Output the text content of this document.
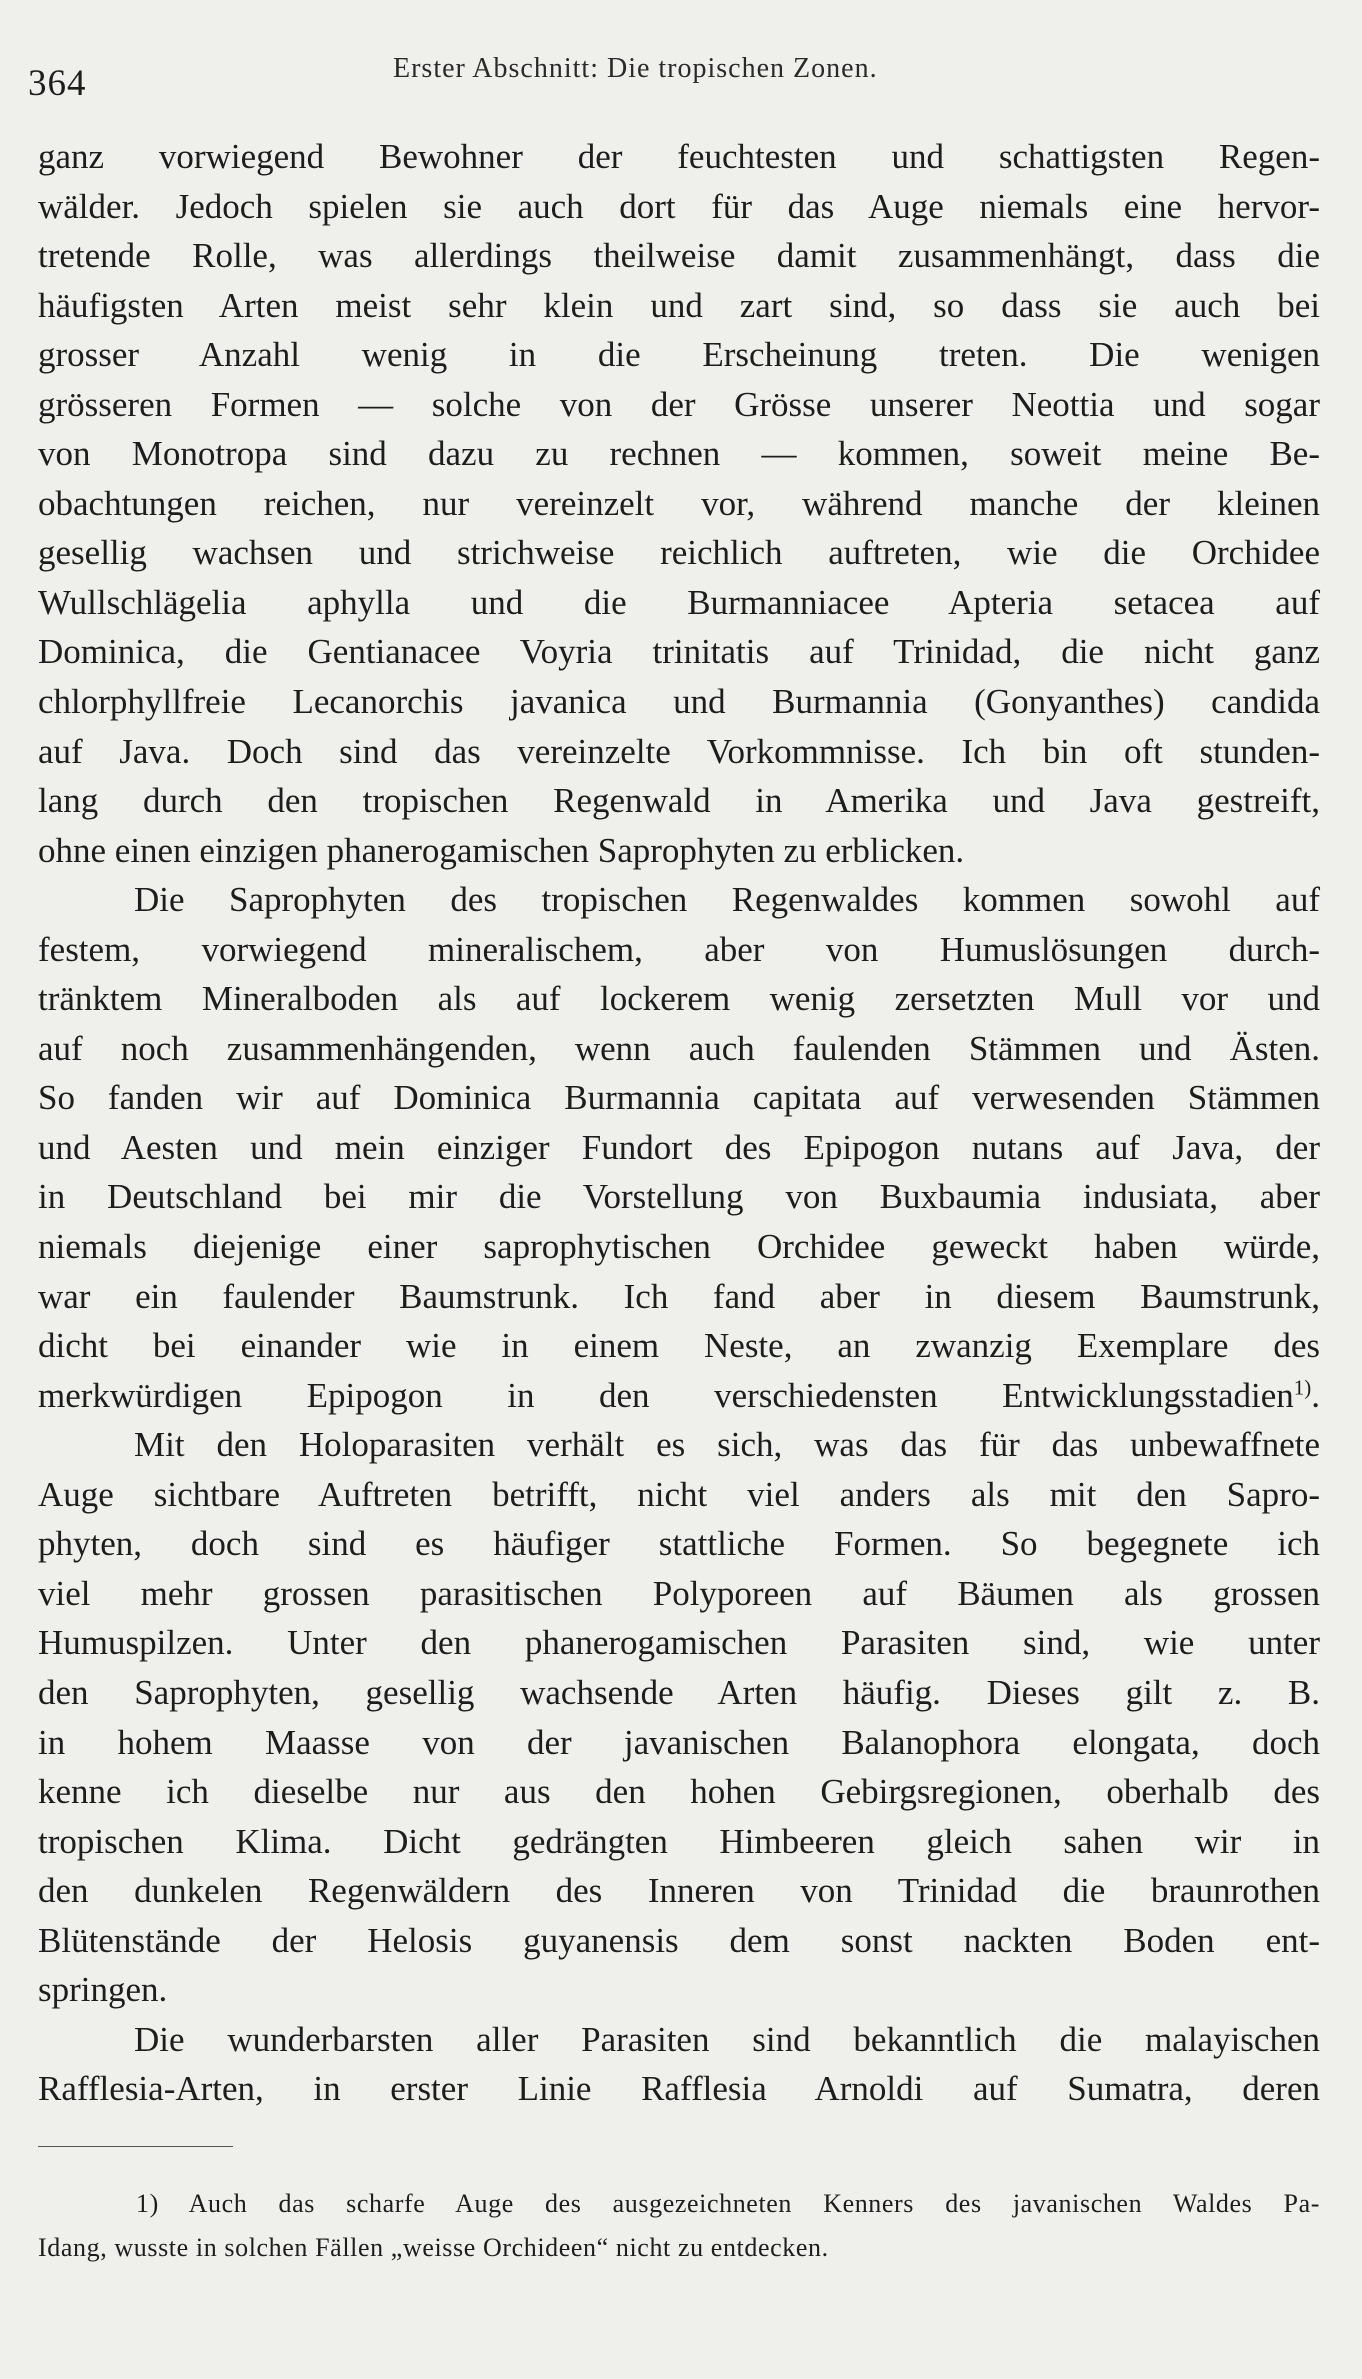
364	Erster Abschnitt: Die tropischen Zonen.
ganz vorwiegend Bewohner der feuchtesten und schattigsten Regen-
wälder. Jedoch spielen sie auch dort für das Auge niemals eine hervor-
tretende Rolle, was allerdings theilweise damit zusammenhängt, dass die
häufigsten Arten meist sehr klein und zart sind, so dass sie auch bei
grosser Anzahl wenig in die Erscheinung treten. Die wenigen
grösseren Formen — solche von der Grösse unserer Neottia und sogar
von Monotropa sind dazu zu rechnen — kommen, soweit meine Be-
obachtungen reichen, nur vereinzelt vor, während manche der kleinen
gesellig wachsen und strichweise reichlich auftreten, wie die Orchidee
Wullschlägelia aphylla und die Burmanniacee Apteria setacea auf
Dominica, die Gentianacee Voyria trinitatis auf Trinidad, die nicht ganz
chlorphyllfreie Lecanorchis javanica und Burmannia (Gonyanthes) candida
auf Java. Doch sind das vereinzelte Vorkommnisse. Ich bin oft stunden-
lang durch den tropischen Regenwald in Amerika und Java gestreift,
ohne einen einzigen phanerogamischen Saprophyten zu erblicken.
Die Saprophyten des tropischen Regenwaldes kommen sowohl auf
festem, vorwiegend mineralischem, aber von Humuslösungen durch-
tränktem Mineralboden als auf lockerem wenig zersetzten Mull vor und
auf noch zusammenhängenden, wenn auch faulenden Stämmen und Ästen.
So fanden wir auf Dominica Burmannia capitata auf verwesenden Stämmen
und Aesten und mein einziger Fundort des Epipogon nutans auf Java, der
in Deutschland bei mir die Vorstellung von Buxbaumia indusiata, aber
niemals diejenige einer saprophytischen Orchidee geweckt haben würde,
war ein faulender Baumstrunk. Ich fand aber in diesem Baumstrunk,
dicht bei einander wie in einem Neste, an zwanzig Exemplare des
merkwürdigen Epipogon in den verschiedensten Entwicklungsstadien$^{1)}$.
Mit den Holoparasiten verhält es sich, was das für das unbewaffnete
Auge sichtbare Auftreten betrifft, nicht viel anders als mit den Sapro-
phyten, doch sind es häufiger stattliche Formen. So begegnete ich
viel mehr grossen parasitischen Polyporeen auf Bäumen als grossen
Humuspilzen. Unter den phanerogamischen Parasiten sind, wie unter
den Saprophyten, gesellig wachsende Arten häufig. Dieses gilt z. B.
in hohem Maasse von der javanischen Balanophora elongata, doch
kenne ich dieselbe nur aus den hohen Gebirgsregionen, oberhalb des
tropischen Klima. Dicht gedrängten Himbeeren gleich sahen wir in
den dunkelen Regenwäldern des Inneren von Trinidad die braunrothen
Blütenstände der Helosis guyanensis dem sonst nackten Boden ent-
springen.
Die wunderbarsten aller Parasiten sind bekanntlich die malayischen
Rafflesia-Arten, in erster Linie Rafflesia Arnoldi auf Sumatra, deren
1) Auch das scharfe Auge des ausgezeichneten Kenners des javanischen Waldes Pa-
Idang, wusste in solchen Fällen „weisse Orchideen“ nicht zu entdecken.
